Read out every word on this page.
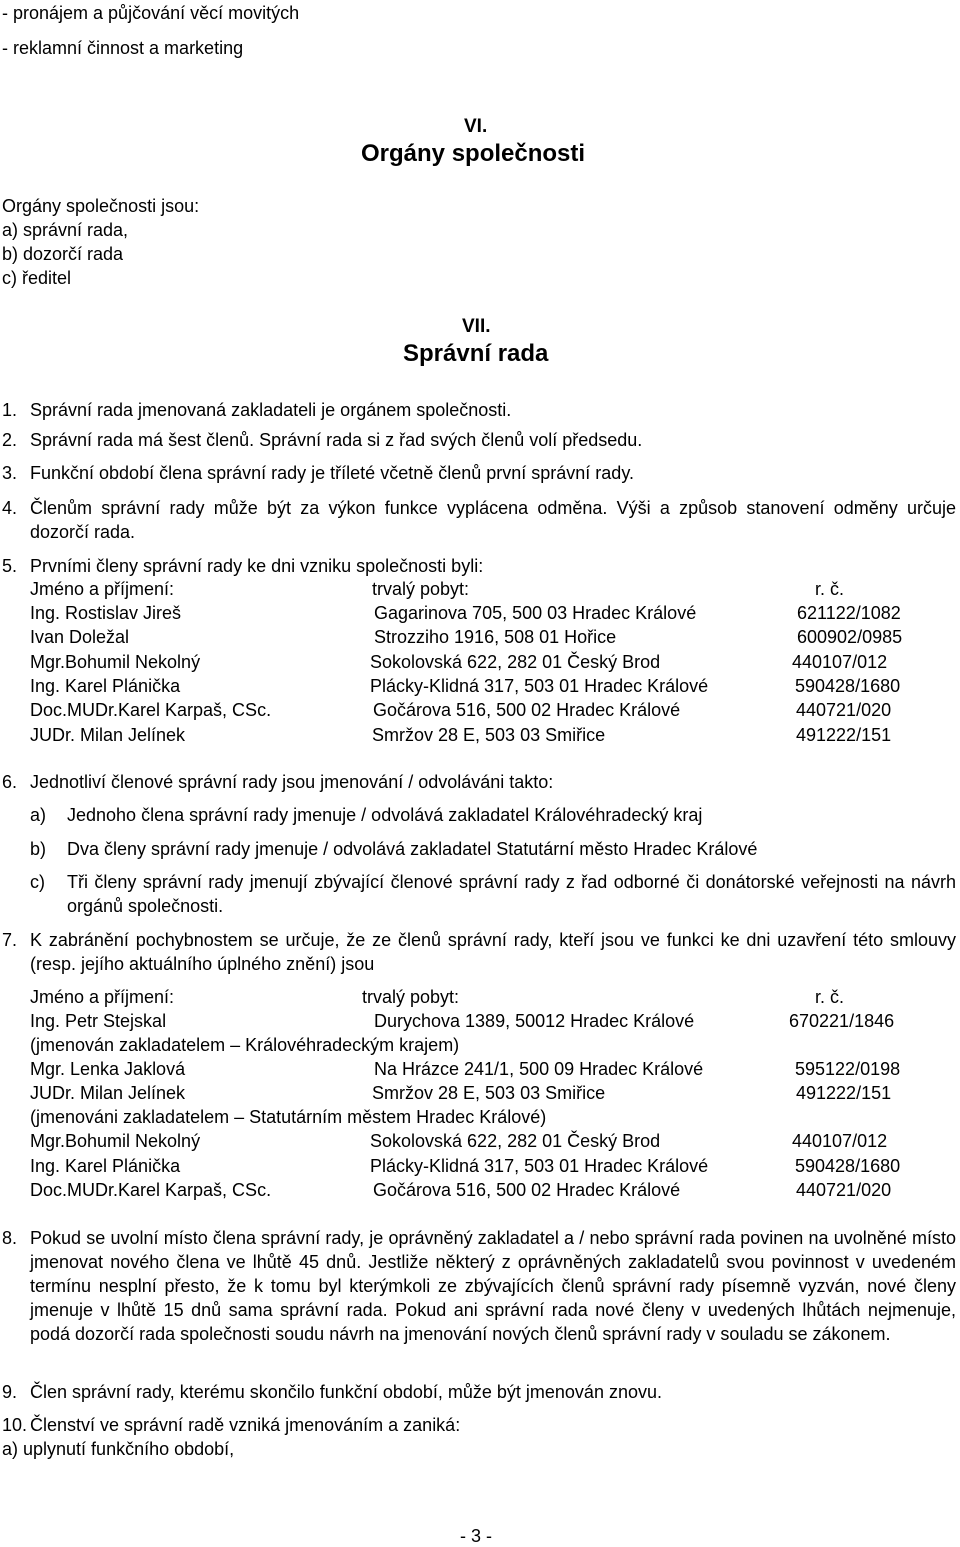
- pronájem a půjčování věcí movitých
- reklamní činnost a marketing
VI.
Orgány společnosti
Orgány společnosti jsou:
a) správní rada,
b) dozorčí rada
c) ředitel
VII.
Správní rada
1. Správní rada jmenovaná zakladateli je orgánem společnosti.
2. Správní rada má šest členů. Správní rada si z řad svých členů volí předsedu.
3. Funkční období člena správní rady je tříleté včetně členů první správní rady.
4. Členům správní rady může být za výkon funkce vyplácena odměna. Výši a způsob stanovení odměny určuje dozorčí rada.
5. Prvními členy správní rady ke dni vzniku společnosti byli:
Jméno a příjmení:	trvalý pobyt:	r. č.
Ing. Rostislav Jireš	Gagarinova 705, 500 03 Hradec Králové	621122/1082
Ivan Doležal	Strozziho 1916, 508 01 Hořice	600902/0985
Mgr.Bohumil Nekolný	Sokolovská 622, 282 01 Český Brod	440107/012
Ing. Karel Plánička	Plácky-Klidná 317, 503 01 Hradec Králové	590428/1680
Doc.MUDr.Karel Karpaš, CSc.	Gočárova 516, 500 02 Hradec Králové	440721/020
JUDr. Milan Jelínek	Smržov 28 E, 503 03 Smiřice	491222/151
6. Jednotliví členové správní rady jsou jmenování / odvoláváni takto:
a) Jednoho člena správní rady jmenuje / odvolává zakladatel Královéhradecký kraj
b) Dva členy správní rady jmenuje / odvolává zakladatel Statutární město Hradec Králové
c) Tři členy správní rady jmenují zbývající členové správní rady z řad odborné či donátorské veřejnosti na návrh orgánů společnosti.
7. K zabránění pochybnostem se určuje, že ze členů správní rady, kteří jsou ve funkci ke dni uzavření této smlouvy (resp. jejího aktuálního úplného znění) jsou
Jméno a příjmení:	trvalý pobyt:	r. č.
Ing. Petr Stejskal	Durychova 1389, 50012 Hradec Králové	670221/1846
(jmenován zakladatelem – Královéhradeckým krajem)
Mgr. Lenka Jaklová	Na Hrázce 241/1, 500 09 Hradec Králové	595122/0198
JUDr. Milan Jelínek	Smržov 28 E, 503 03 Smiřice	491222/151
(jmenováni zakladatelem – Statutárním městem Hradec Králové)
Mgr.Bohumil Nekolný	Sokolovská 622, 282 01 Český Brod	440107/012
Ing. Karel Plánička	Plácky-Klidná 317, 503 01 Hradec Králové	590428/1680
Doc.MUDr.Karel Karpaš, CSc.	Gočárova 516, 500 02 Hradec Králové	440721/020
8. Pokud se uvolní místo člena správní rady, je oprávněný zakladatel a / nebo správní rada povinen na uvolněné místo jmenovat nového člena ve lhůtě 45 dnů. Jestliže některý z oprávněných zakladatelů svou povinnost v uvedeném termínu nesplní přesto, že k tomu byl kterýmkoli ze zbývajících členů správní rady písemně vyzván, nové členy jmenuje v lhůtě 15 dnů sama správní rada. Pokud ani správní rada nové členy v uvedených lhůtách nejmenuje, podá dozorčí rada společnosti soudu návrh na jmenování nových členů správní rady v souladu se zákonem.
9. Člen správní rady, kterému skončilo funkční období, může být jmenován znovu.
10. Členství ve správní radě vzniká jmenováním a zaniká:
a) uplynutí funkčního období,
- 3 -
